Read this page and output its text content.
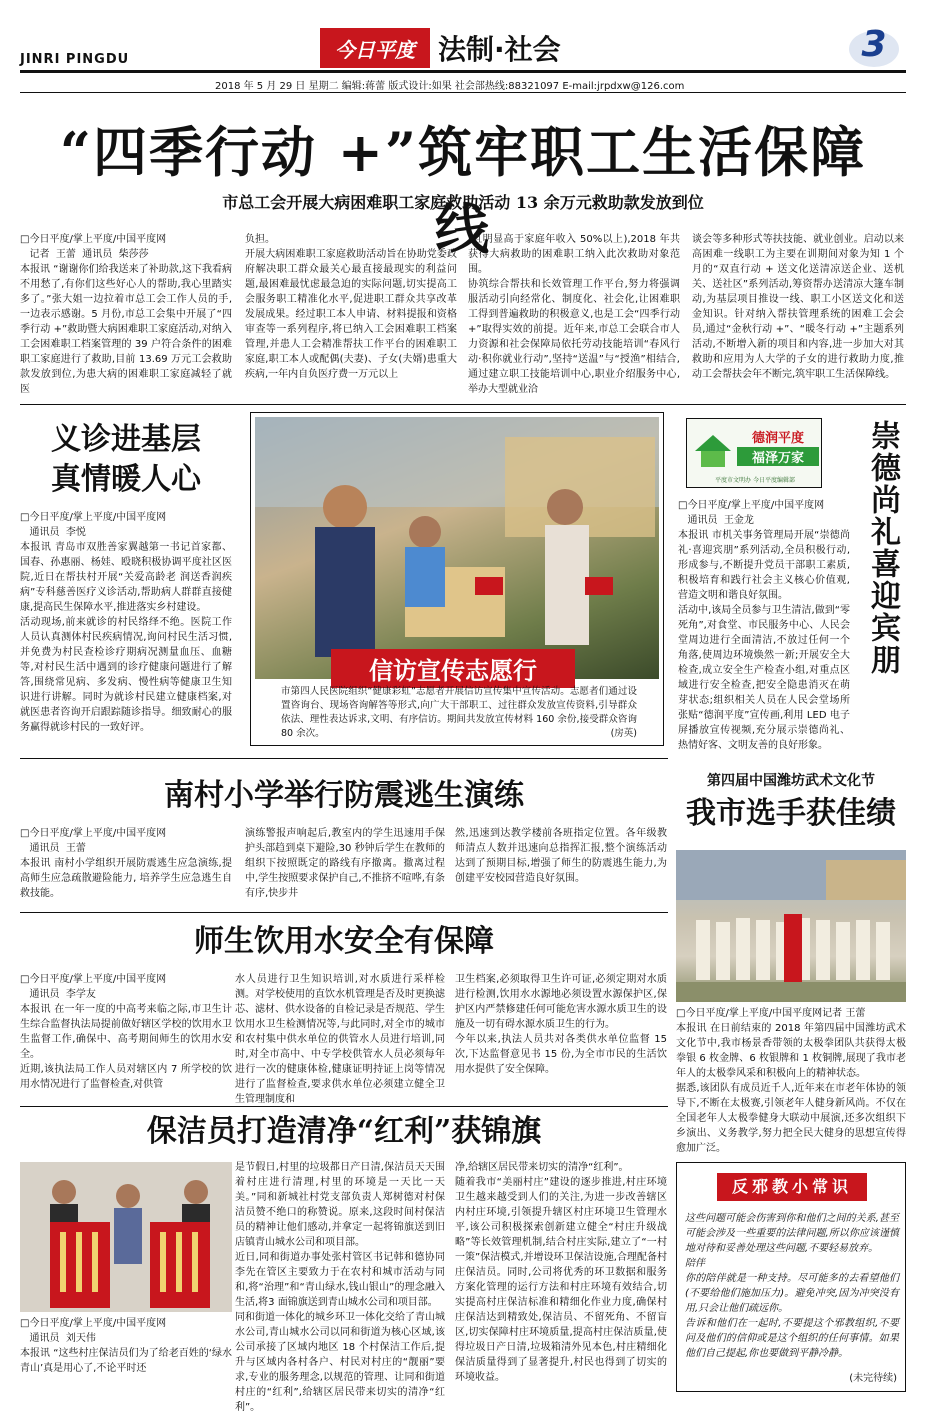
JINRI PINGDU	今日平度 法制·社会	3
2018 年 5 月 29 日 星期二 编辑:蒋蕾 版式设计:如果 社会部热线:88321097 E-mail:jrpdxw@126.com
“四季行动 +”筑牢职工生活保障线
市总工会开展大病困难职工家庭救助活动 13 余万元救助款发放到位
□今日平度/掌上平度/中国平度网
记者  王蕾  通讯员  柴莎莎
本报讯 “谢谢你们给我送来了补助款,这下我看病不用愁了,有你们这些好心人的帮助,我心里踏实多了。”张大姐一边拉着市总工会工作人员的手,一边表示感谢。5 月份,市总工会集中开展了“四季行动 +”救助暨大病困难职工家庭活动,对纳入工会困难职工档案管理的 39 户符合条件的困难职工家庭进行了救助,目前 13.69 万元工会救助款发放到位,为患大病的困难职工家庭减轻了就医
负担。
开展大病困难职工家庭救助活动旨在协助党委政府解决职工群众最关心最直接最现实的利益问题,最困难最忧虑最急迫的实际问题,切实提高工会服务职工精准化水平,促进职工群众共享改革发展成果。经过职工本人申请、材料提报和资格审查等一系列程序,将已纳入工会困难职工档案管理,并患人工会精准帮扶工作平台的困难职工家庭,职工本人或配偶(夫妻)、子女(夫婿)患重大疾病,一年内自负医疗费一万元以上
(且明显高于家庭年收入 50%以上),2018 年共获得大病救助的困难职工纳入此次救助对象范围。
协筑综合帮扶和长效管理工作平台,努力将强调服活动引向经常化、制度化、社会化,让困难职工得到普遍救助的积极意义,也是工会“四季行动 +”取得实效的前提。近年来,市总工会联合市人力资源和社会保障局依托劳动技能培训“春风行动·积你就业行动”,坚持“送温”与“授渔”相结合,通过建立职工技能培训中心,职业介绍服务中心,举办大型就业洽
谈会等多种形式等扶技能、就业创业。启动以来高困难一线职工为主要在训期间对象为知 1 个月的“双直行动 + 送文化送清凉送企业、送机关、送社区”系列活动,筹资帮办送清凉大篷车制动,为基层项目推设一线、职工小区送文化和送金知识。针对纳入帮扶管理系统的困难工会会员,通过“金秋行动 +”、“暖冬行动 +”主题系列活动,不断增入新的项目和内容,进一步加大对其救助和应用为人大学的子女的进行救助力度,推动工会帮扶会年不断完,筑牢职工生活保障线。
义诊进基层
真情暖人心
□今日平度/掌上平度/中国平度网
通讯员  李悦
本报讯 青岛市双胜善家翼越第一书记首家都、国春、孙惠丽、杨娃、殴晓积极协调平度社区医院,近日在帮扶村开展“关爱高龄老 润送香润疾病”专科慈善医疗义诊活动,帮助病人群群直接健康,提高民生保障水平,推进落实乡村建设。
活动现场,前来就诊的村民络绎不绝。医院工作人员认真测体村民疾病情况,询问村民生活习惯,并免费为村民查检诊疗期病况测量血压、血糖等,对村民生活中遇到的诊疗健康问题进行了解答,围绕常见病、多发病、慢性病等健康卫生知识进行讲解。同时为就诊村民建立健康档案,对就医患者咨询开启跟踪随诊指导。细致耐心的服务赢得就诊村民的一致好评。
信访宣传志愿行
市第四人民医院组织“健康彩虹”志愿者开展信访宣传集中宣传活动。志愿者们通过设置咨询台、现场咨询解答等形式,向广大干部职工、过往群众发放宣传资料,引导群众依法、理性表达诉求,文明、有序信访。期间共发放宣传材料 160 余份,接受群众咨询 80 余次。	(房英)
德润平度
福泽万家
平度市文明办 今日平度编辑部	崇德尚礼喜迎宾朋
□今日平度/掌上平度/中国平度网
通讯员  王金龙
本报讯 市机关事务管理局开展“崇德尚礼·喜迎宾朋”系列活动,全员积极行动,形成参与,不断提升党员干部职工素质,积极培育和践行社会主义核心价值观,营造文明和谐良好氛围。
活动中,该局全员参与卫生清洁,做到“零死角”,对食堂、市民服务中心、人民会堂周边进行全面清洁,不放过任何一个角落,使周边环境焕然一新;开展安全大检查,成立安全生产检查小组,对重点区域进行安全检查,把安全隐患消灭在萌芽状态;组织相关人员在人民会堂场所张贴“德润平度”宣传画,利用 LED 电子屏播放宣传视频,充分展示崇德尚礼、热情好客、文明友善的良好形象。
南村小学举行防震逃生演练
□今日平度/掌上平度/中国平度网
通讯员  王蕾
本报讯 南村小学组织开展防震逃生应急演练,提高师生应急疏散避险能力, 培养学生应急逃生自救技能。
演练警报声响起后,教室内的学生迅速用手保护头部趋到桌下避险,30 秒钟后学生在教师的组织下按照既定的路线有序撤离。撤离过程中,学生按照要求保护自己,不推挤不喧哗,有条有序,快步井
然,迅速到达教学楼前各班指定位置。各年级教师清点人数并迅速向总指挥汇报,整个演练活动达到了预期目标,增强了师生的防震逃生能力,为创建平安校园营造良好氛围。
第四届中国潍坊武术文化节
我市选手获佳绩
□今日平度/掌上平度/中国平度网记者 王蕾
本报讯 在日前结束的 2018 年第四届中国潍坊武术文化节中,我市杨景香带领的太极拳团队共获得太极拳银 6 枚金牌、6 枚银牌和 1 枚铜牌,展现了我市老年人的太极拳风采和积极向上的精神状态。
据悉,该团队有成员近千人,近年来在市老年体协的领导下,不断在太极赛,引领老年人健身新风尚。不仅在全国老年人太极拳健身大联动中展演,还多次组织下乡演出、义务教学,努力把全民大健身的思想宣传得愈加广泛。
师生饮用水安全有保障
□今日平度/掌上平度/中国平度网
通讯员  李学友
本报讯 在一年一度的中高考来临之际,市卫生计生综合监督执法局提前做好辖区学校的饮用水卫生监督工作,确保中、高考期间师生的饮用水安全。
近期,该执法局工作人员对辖区内 7 所学校的饮用水情况进行了监督检查,对供管
水人员进行卫生知识培训,对水质进行采样检测。对学校使用的直饮水机管理是否及时更换滤芯、滤材、供水设备的自检记录是否规范、学生饮用水卫生检测情况等,与此同时,对全市的城市和农村集中供水单位的供管水人员进行培训,同时,对全市高中、中专学校供管水人员必须每年进行一次的健康体检,健康证明持证上岗等情况进行了监督检查,要求供水单位必须建立健全卫生管理制度和
卫生档案,必须取得卫生许可证,必须定期对水质进行检测,饮用水水源地必须设置水源保护区,保护区内严禁修建任何可能危害水源水质卫生的设施及一切有碍水源水质卫生的行为。
今年以来,执法人员共对各类供水单位监督 15 次,下达监督意见书 15 份,为全市市民的生活饮用水提供了安全保障。
保洁员打造清净“红利”获锦旗
□今日平度/掌上平度/中国平度网
通讯员  刘天伟
本报讯 “这些村庄保洁员们为了给老百姓的‘绿水青山’真是用心了,不论平时还
是节假日,村里的垃圾都日产日清,保洁员天天围着村庄进行清理,村里的环境是一天比一天美。”同和新城社村党支部负责人郑树德对村保洁员赞不绝口的称赞说。原来,这段时间村保洁员的精神让他们感动,并拿定一起将锦旗送到旧店镇青山城水公司和项目部。
近日,同和街道办事处张村管区书记韩和德协同李先在管区主要致力于在农村和城市活动与同和,将“治理”和“青山绿水,钱山银山”的理念融入生活,将3 面锦旗送到青山城水公司和项目部。
同和街道一体化的城乡环卫一体化交给了青山城水公司,青山城水公司以同和街道为核心区域,该公司承接了区域内地区 18 个村保洁工作后,提升与区域内各村各户、村民对村庄的“靓丽”要求,专业的服务理念,以规范的管理、让同和街道村庄的“红利”,给辖区居民带来切实的清净“红利”。
净,给辖区居民带来切实的清净“红利”。
随着我市“美丽村庄”建设的逐步推进,村庄环境卫生越来越受到人们的关注,为进一步改善辖区内村庄环境,引领提升辖区村庄环境卫生管理水平,该公司积极探索创新建立健全“村庄升级战略”等长效管理机制,结合村庄实际,建立了“一村一策”保洁模式,并增设环卫保洁设施,合理配备村庄保洁员。同时,公司将优秀的环卫数据和服务方案化管理的运行方法和村庄环境有效结合,切实提高村庄保洁标准和精细化作业力度,确保村庄保洁达到精致处,保洁员、不留死角、不留盲区,切实保障村庄环境质量,提高村庄保洁质量,使得垃圾日产日清,垃圾箱清外见本色,村庄精细化保洁质量得到了显著提升,村民也得到了切实的环境收益。
反邪教小常识
这些问题可能会伤害到你和他们之间的关系,甚至可能会涉及一些重要的法律问题,所以你应该谨慎地对待和妥善处理这些问题,不要轻易放弃。
陪伴
你的陪伴就是一种支持。尽可能多的去看望他们(不要给他们施加压力)。避免冲突,因为冲突没有用,只会让他们疏远你。
告诉和他们在一起时,不要提这个邪教组织,不要问及他们的信仰或是这个组织的任何事情。如果他们自己提起,你也要做到平静冷静。
(未完待续)
